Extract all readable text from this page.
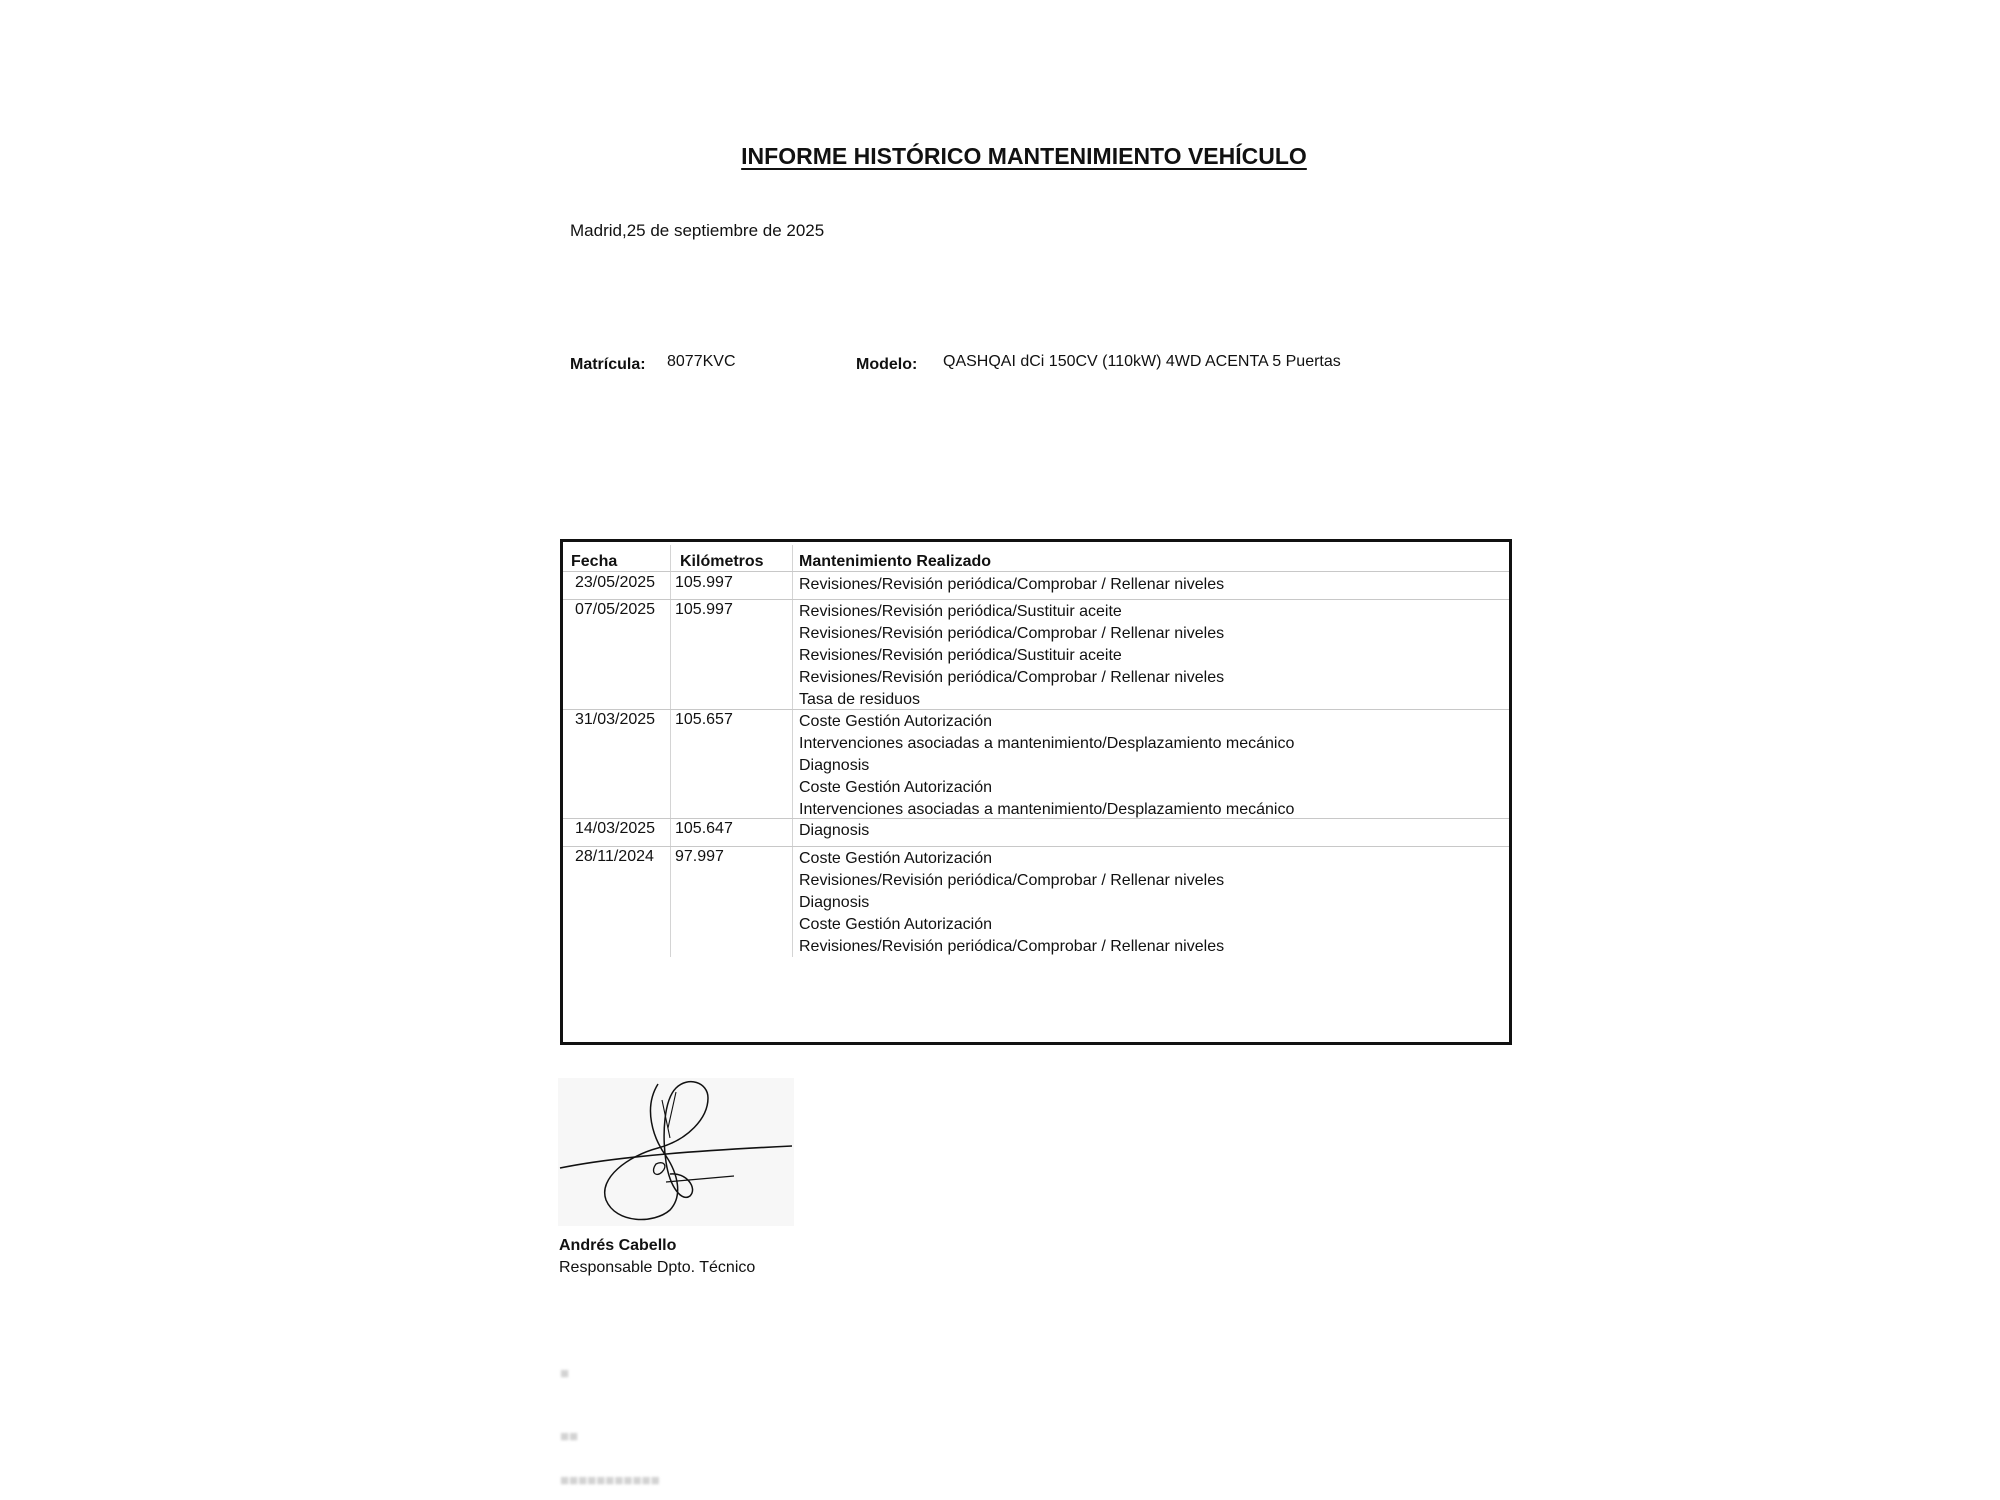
INFORME HISTÓRICO MANTENIMIENTO VEHÍCULO
Madrid,25 de septiembre de 2025
Matrícula: 8077KVC	Modelo: QASHQAI dCi 150CV (110kW) 4WD ACENTA 5 Puertas
Fecha	Kilómetros Mantenimiento Realizado
23/05/2025 105.997	Revisiones/Revisión periódica/Comprobar / Rellenar niveles
07/05/2025 105.997	Revisiones/Revisión periódica/Sustituir aceite
Revisiones/Revisión periódica/Comprobar / Rellenar niveles
Revisiones/Revisión periódica/Sustituir aceite
Revisiones/Revisión periódica/Comprobar / Rellenar niveles
Tasa de residuos
31/03/2025 105.657	Coste Gestión Autorización
Intervenciones asociadas a mantenimiento/Desplazamiento mecánico
Diagnosis
Coste Gestión Autorización
Intervenciones asociadas a mantenimiento/Desplazamiento mecánico
14/03/2025 105.647	Diagnosis
28/11/2024 97.997	Coste Gestión Autorización
Revisiones/Revisión periódica/Comprobar / Rellenar niveles
Diagnosis
Coste Gestión Autorización
Revisiones/Revisión periódica/Comprobar / Rellenar niveles
Andrés Cabello
Responsable Dpto. Técnico
■
■■
■■■■■■■■■■■
